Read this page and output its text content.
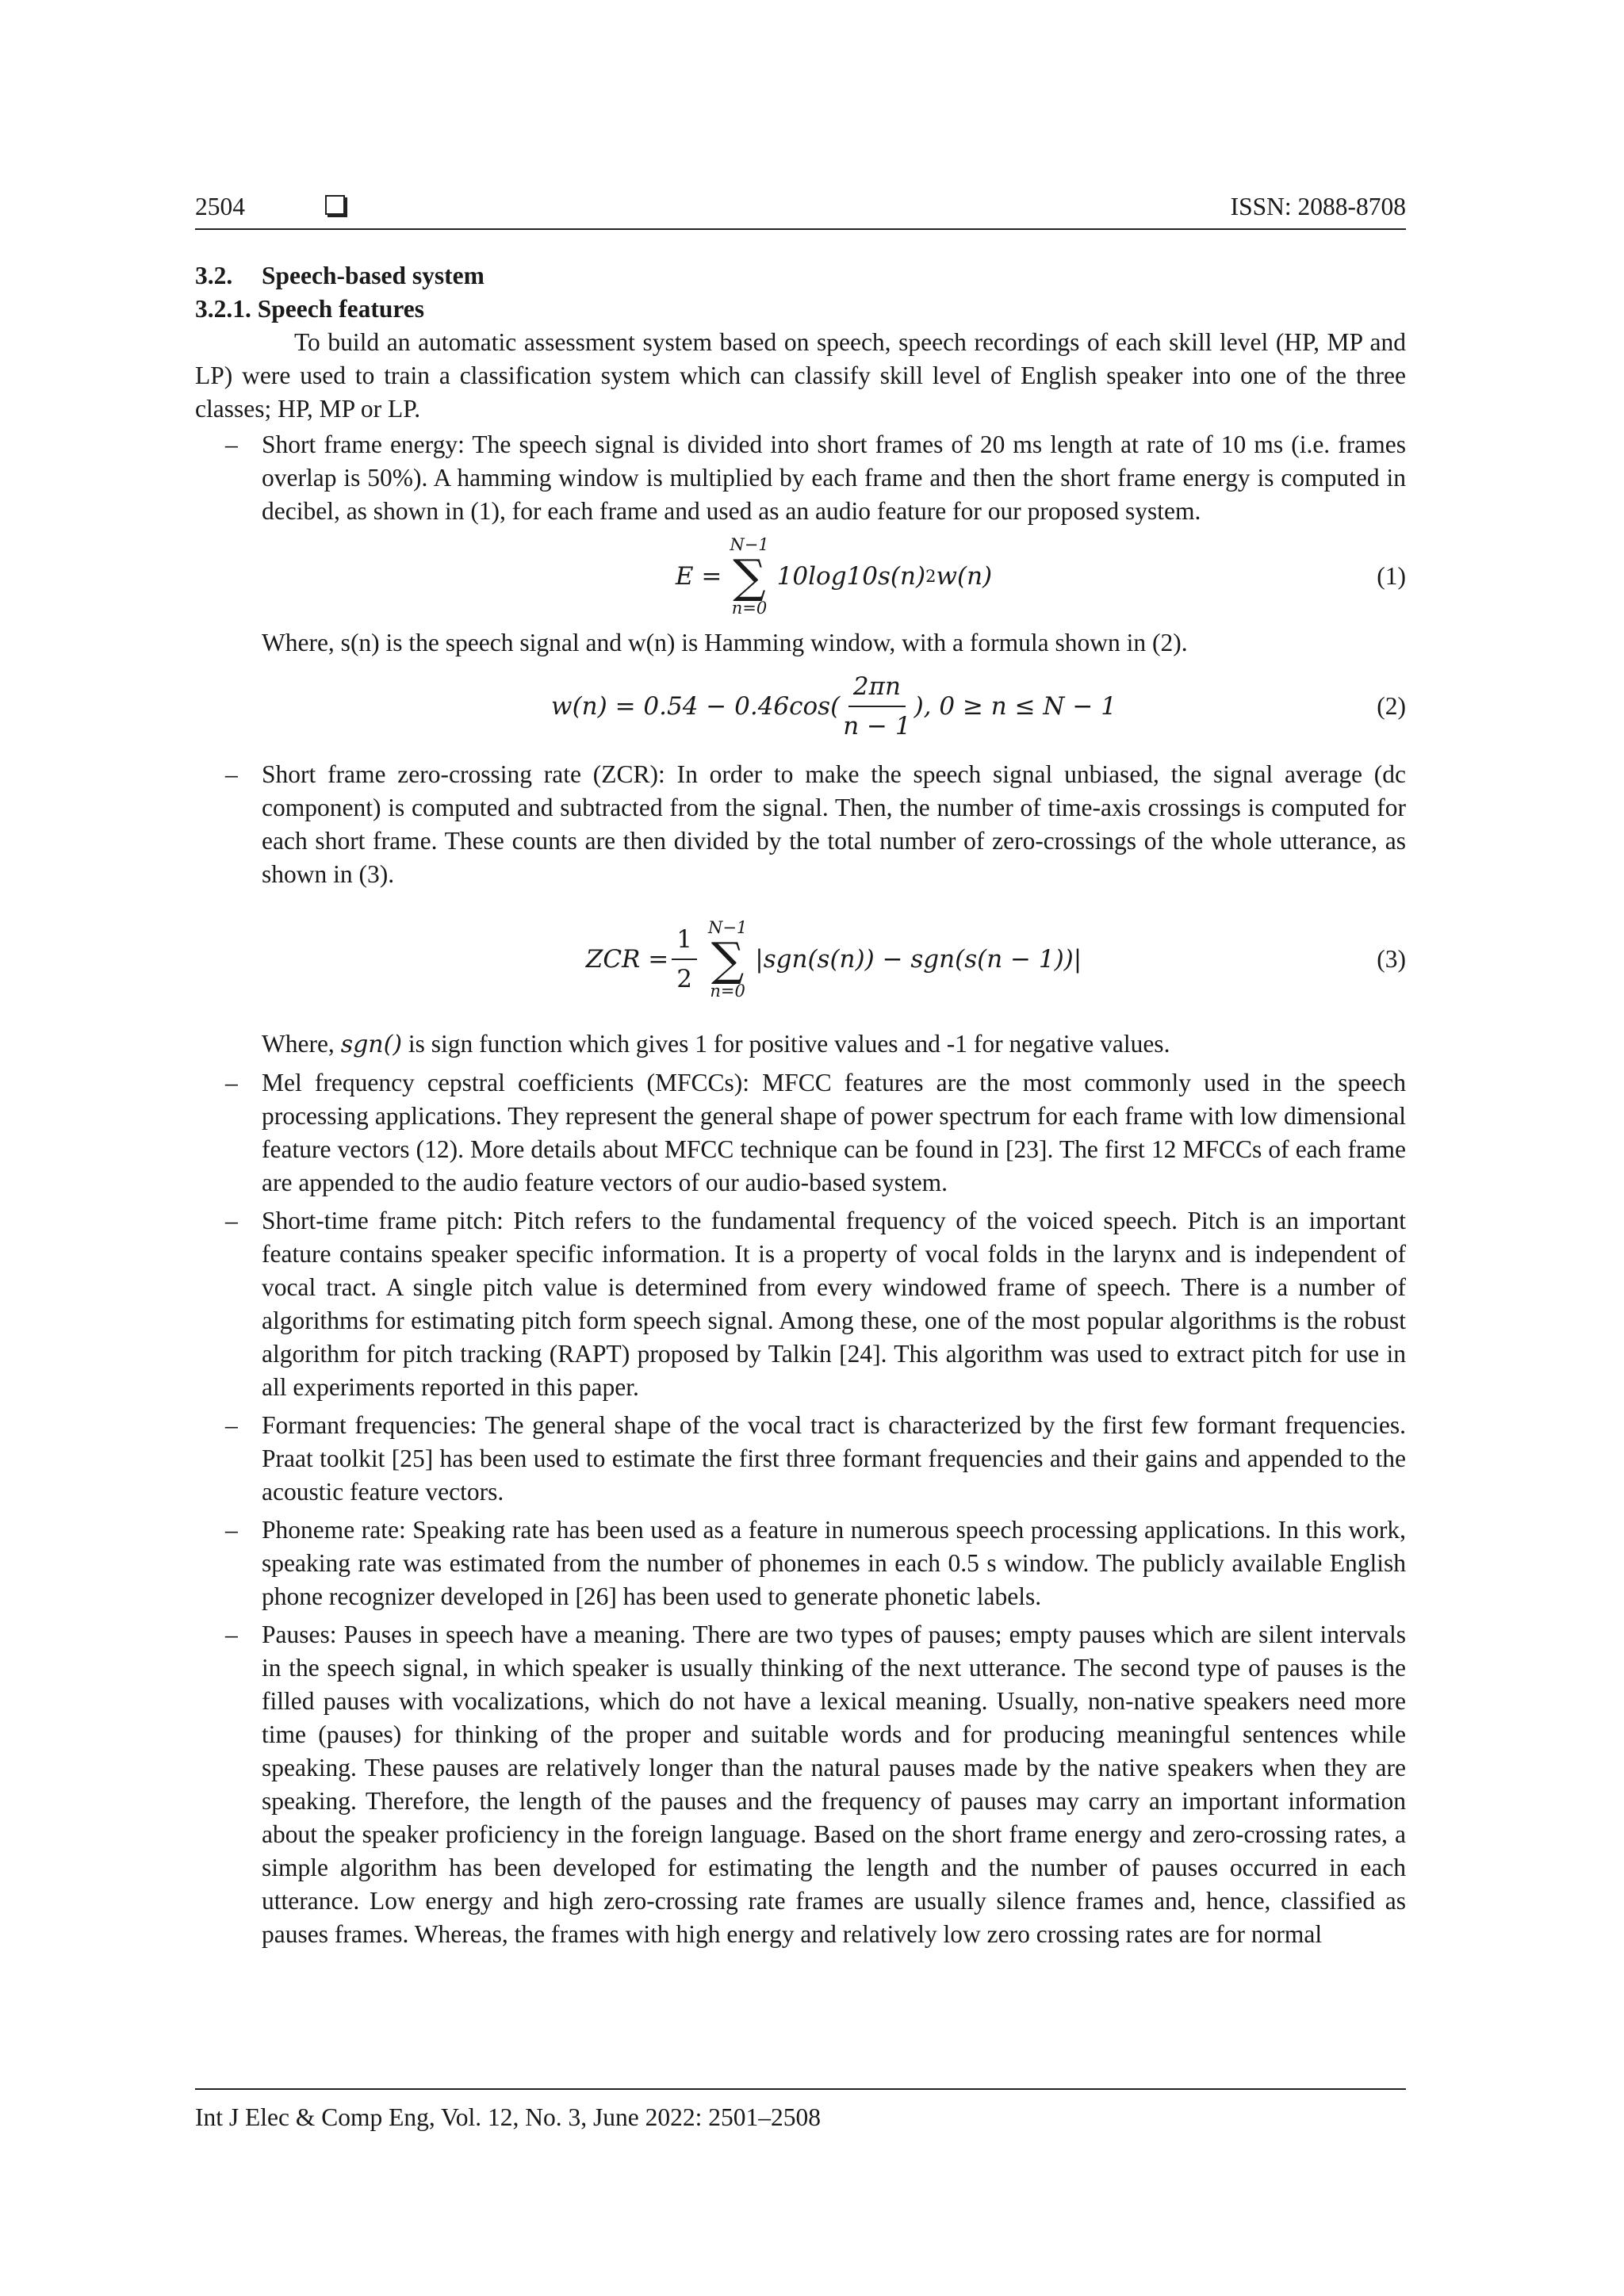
2504	ISSN: 2088-8708
3.2. Speech-based system
3.2.1. Speech features

To build an automatic assessment system based on speech, speech recordings of each skill level (HP, MP and LP) were used to train a classification system which can classify skill level of English speaker into one of the three classes; HP, MP or LP.

– Short frame energy: The speech signal is divided into short frames of 20 ms length at rate of 10 ms (i.e. frames overlap is 50%). A hamming window is multiplied by each frame and then the short frame energy is computed in decibel, as shown in (1), for each frame and used as an audio feature for our proposed system.

E =
N−1
∑
n=0
10log10s(n) 2 w(n)	(1)

Where, s(n) is the speech signal and w(n) is Hamming window, with a formula shown in (2).

$w(n) = 0.54 - 0.46\cos( \frac{2\pi n}{n - 1}$ ), 0 ≥ n ≤ N − 1	(2)

– Short frame zero-crossing rate (ZCR): In order to make the speech signal unbiased, the signal average (dc component) is computed and subtracted from the signal. Then, the number of time-axis crossings is computed for each short frame. These counts are then divided by the total number of zero-crossings of the whole utterance, as shown in (3).

ZCR = $\frac{1}{2} N-1$
∑
n=0
|sgn(s(n)) − sgn(s(n − 1))|	(3)

Where, sgn() is sign function which gives 1 for positive values and -1 for negative values.

– Mel frequency cepstral coefficients (MFCCs): MFCC features are the most commonly used in the speech processing applications. They represent the general shape of power spectrum for each frame with low dimensional feature vectors (12). More details about MFCC technique can be found in [23]. The first 12 MFCCs of each frame are appended to the audio feature vectors of our audio-based system.
– Short-time frame pitch: Pitch refers to the fundamental frequency of the voiced speech. Pitch is an important feature contains speaker specific information. It is a property of vocal folds in the larynx and is independent of vocal tract. A single pitch value is determined from every windowed frame of speech. There is a number of algorithms for estimating pitch form speech signal. Among these, one of the most popular algorithms is the robust algorithm for pitch tracking (RAPT) proposed by Talkin [24]. This algorithm was used to extract pitch for use in all experiments reported in this paper.
– Formant frequencies: The general shape of the vocal tract is characterized by the first few formant frequencies. Praat toolkit [25] has been used to estimate the first three formant frequencies and their gains and appended to the acoustic feature vectors.
– Phoneme rate: Speaking rate has been used as a feature in numerous speech processing applications. In this work, speaking rate was estimated from the number of phonemes in each 0.5 s window. The publicly available English phone recognizer developed in [26] has been used to generate phonetic labels.
– Pauses: Pauses in speech have a meaning. There are two types of pauses; empty pauses which are silent intervals in the speech signal, in which speaker is usually thinking of the next utterance. The second type of pauses is the filled pauses with vocalizations, which do not have a lexical meaning. Usually, non-native speakers need more time (pauses) for thinking of the proper and suitable words and for producing meaningful sentences while speaking. These pauses are relatively longer than the natural pauses made by the native speakers when they are speaking. Therefore, the length of the pauses and the frequency of pauses may carry an important information about the speaker proficiency in the foreign language. Based on the short frame energy and zero-crossing rates, a simple algorithm has been developed for estimating the length and the number of pauses occurred in each utterance. Low energy and high zero-crossing rate frames are usually silence frames and, hence, classified as pauses frames. Whereas, the frames with high energy and relatively low zero crossing rates are for normal
Int J Elec & Comp Eng, Vol. 12, No. 3, June 2022: 2501–2508
